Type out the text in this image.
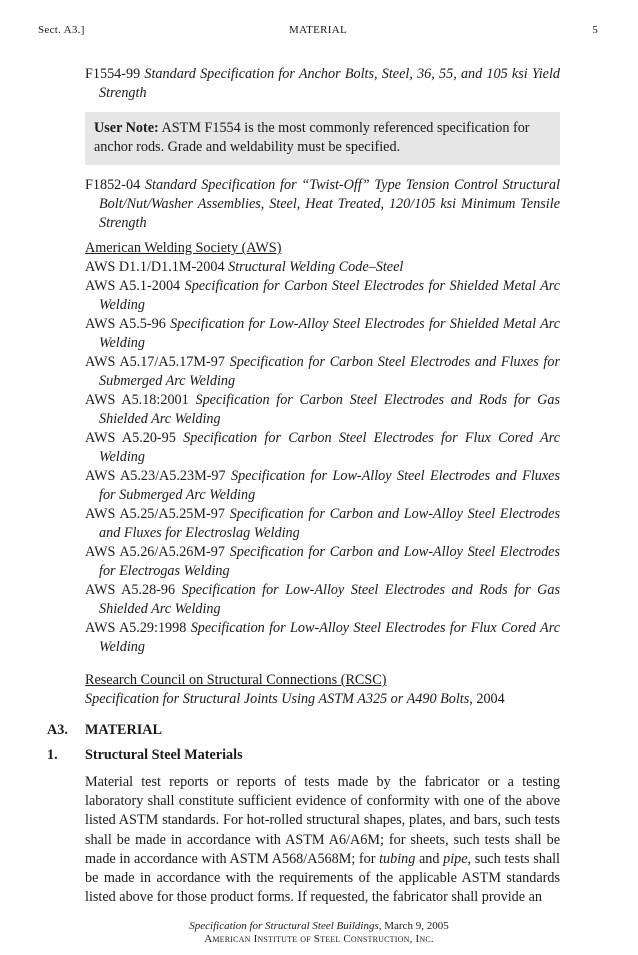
Sect. A3.]	MATERIAL	5

F1554-99 Standard Specification for Anchor Bolts, Steel, 36, 55, and 105 ksi Yield Strength

User Note: ASTM F1554 is the most commonly referenced specification for anchor rods. Grade and weldability must be specified.

F1852-04 Standard Specification for “Twist-Off” Type Tension Control Structural Bolt/Nut/Washer Assemblies, Steel, Heat Treated, 120/105 ksi Minimum Tensile Strength

American Welding Society (AWS)

AWS D1.1/D1.1M-2004 Structural Welding Code–Steel

AWS A5.1-2004 Specification for Carbon Steel Electrodes for Shielded Metal Arc Welding

AWS A5.5-96 Specification for Low-Alloy Steel Electrodes for Shielded Metal Arc Welding

AWS A5.17/A5.17M-97 Specification for Carbon Steel Electrodes and Fluxes for Submerged Arc Welding

AWS A5.18:2001 Specification for Carbon Steel Electrodes and Rods for Gas Shielded Arc Welding

AWS A5.20-95 Specification for Carbon Steel Electrodes for Flux Cored Arc Welding

AWS A5.23/A5.23M-97 Specification for Low-Alloy Steel Electrodes and Fluxes for Submerged Arc Welding

AWS A5.25/A5.25M-97 Specification for Carbon and Low-Alloy Steel Electrodes and Fluxes for Electroslag Welding

AWS A5.26/A5.26M-97 Specification for Carbon and Low-Alloy Steel Electrodes for Electrogas Welding

AWS A5.28-96 Specification for Low-Alloy Steel Electrodes and Rods for Gas Shielded Arc Welding

AWS A5.29:1998 Specification for Low-Alloy Steel Electrodes for Flux Cored Arc Welding

Research Council on Structural Connections (RCSC)

Specification for Structural Joints Using ASTM A325 or A490 Bolts, 2004

A3. MATERIAL
1. Structural Steel Materials

Material test reports or reports of tests made by the fabricator or a testing laboratory shall constitute sufficient evidence of conformity with one of the above listed ASTM standards. For hot-rolled structural shapes, plates, and bars, such tests shall be made in accordance with ASTM A6/A6M; for sheets, such tests shall be made in accordance with ASTM A568/A568M; for tubing and pipe, such tests shall be made in accordance with the requirements of the applicable ASTM standards listed above for those product forms. If requested, the fabricator shall provide an

Specification for Structural Steel Buildings, March 9, 2005
American Institute of Steel Construction, Inc.
